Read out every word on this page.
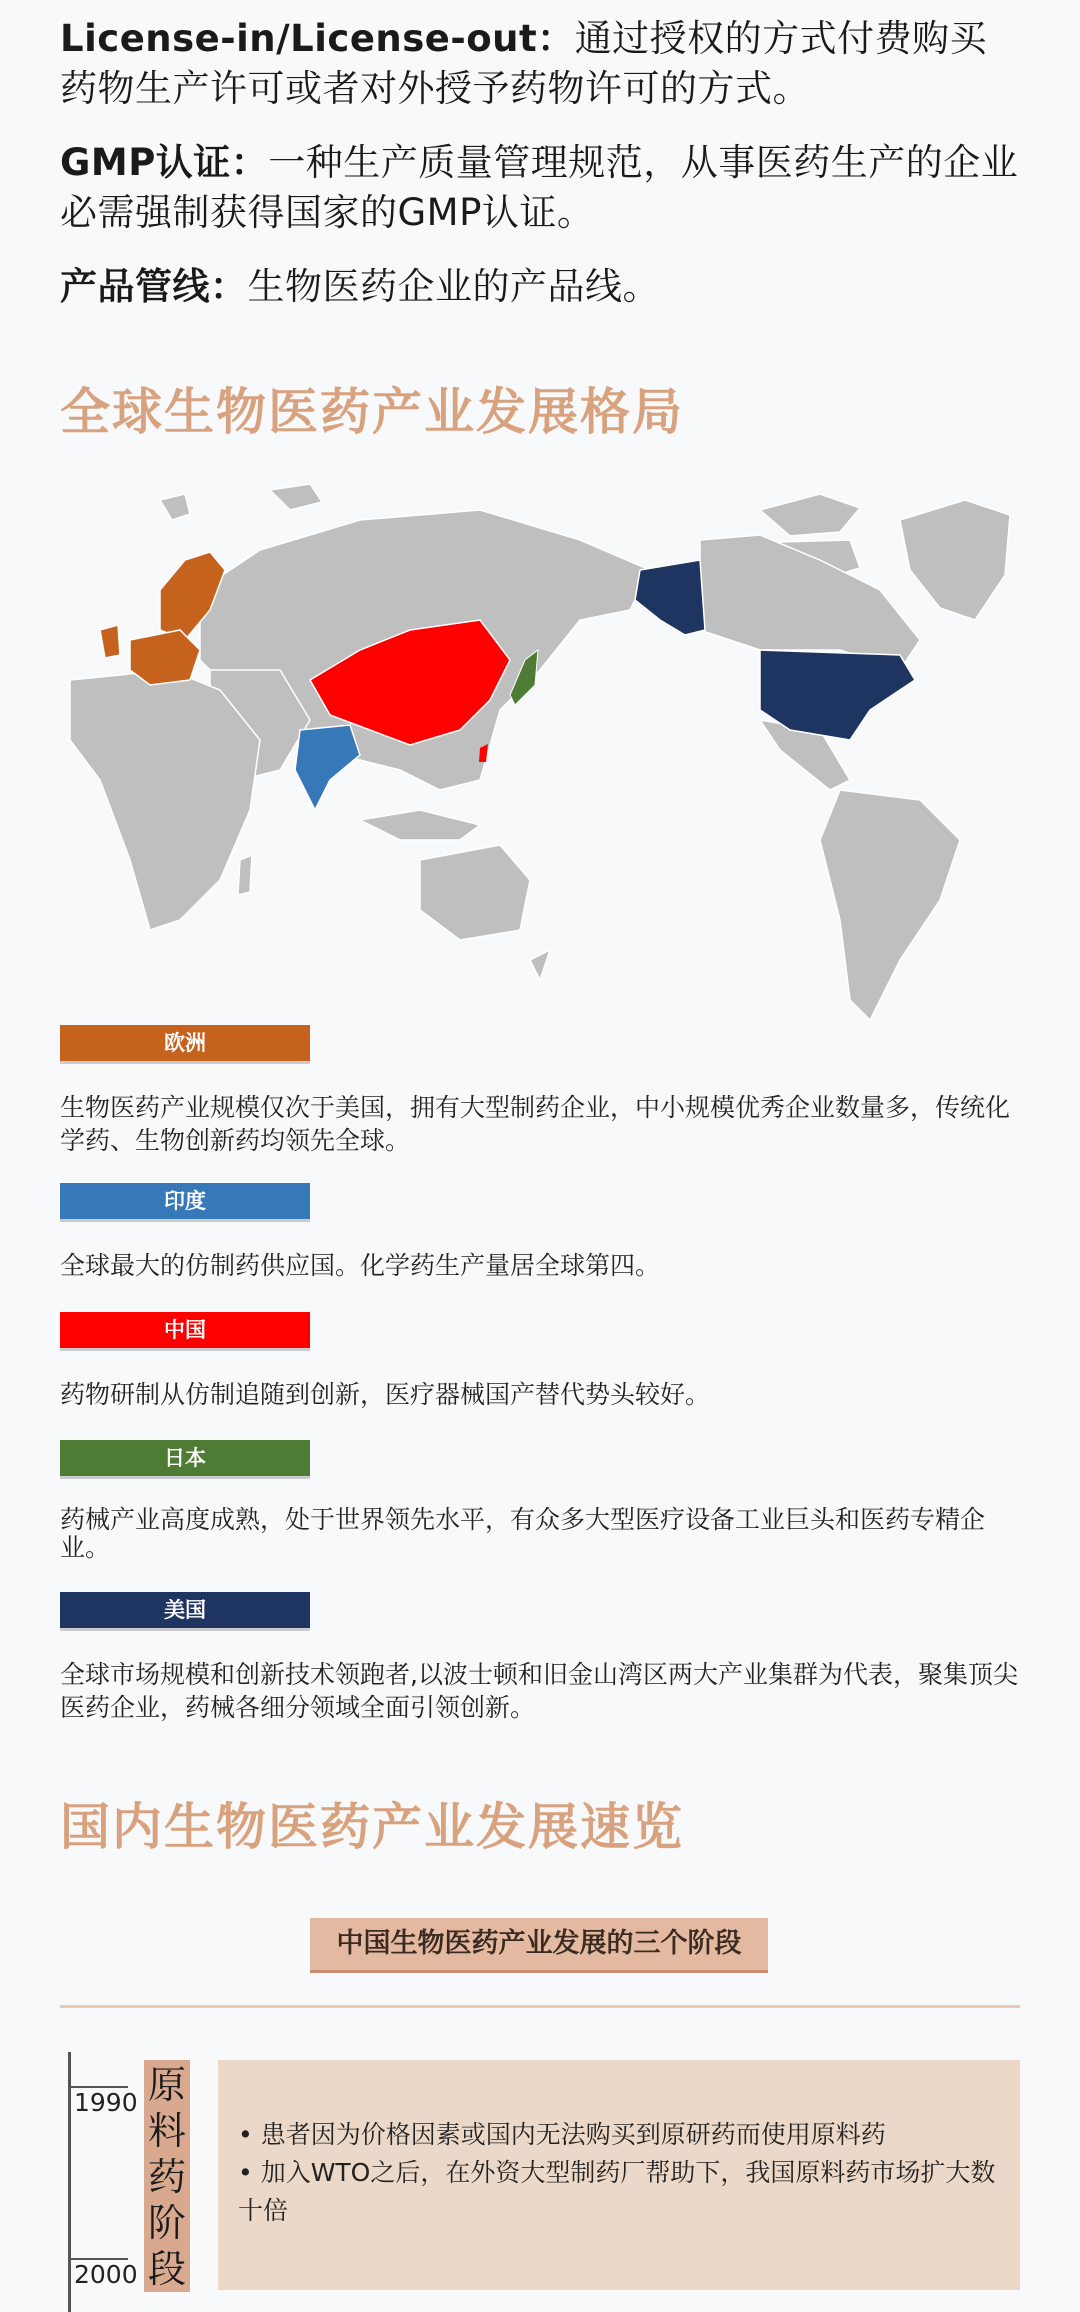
License-in/License-out：通过授权的方式付费购买药物生产许可或者对外授予药物许可的方式。
GMP认证：一种生产质量管理规范，从事医药生产的企业必需强制获得国家的GMP认证。
产品管线：生物医药企业的产品线。
全球生物医药产业发展格局
欧洲
生物医药产业规模仅次于美国，拥有大型制药企业，中小规模优秀企业数量多，传统化学药、生物创新药均领先全球。
印度
全球最大的仿制药供应国。化学药生产量居全球第四。
中国
药物研制从仿制追随到创新，医疗器械国产替代势头较好。
日本
药械产业高度成熟，处于世界领先水平，有众多大型医疗设备工业巨头和医药专精企业。
美国
全球市场规模和创新技术领跑者,以波士顿和旧金山湾区两大产业集群为代表，聚集顶尖医药企业，药械各细分领域全面引领创新。
国内生物医药产业发展速览
中国生物医药产业发展的三个阶段
1990
2000
原料药阶段
• 患者因为价格因素或国内无法购买到原研药而使用原料药
• 加入WTO之后，在外资大型制药厂帮助下，我国原料药市场扩大数十倍
